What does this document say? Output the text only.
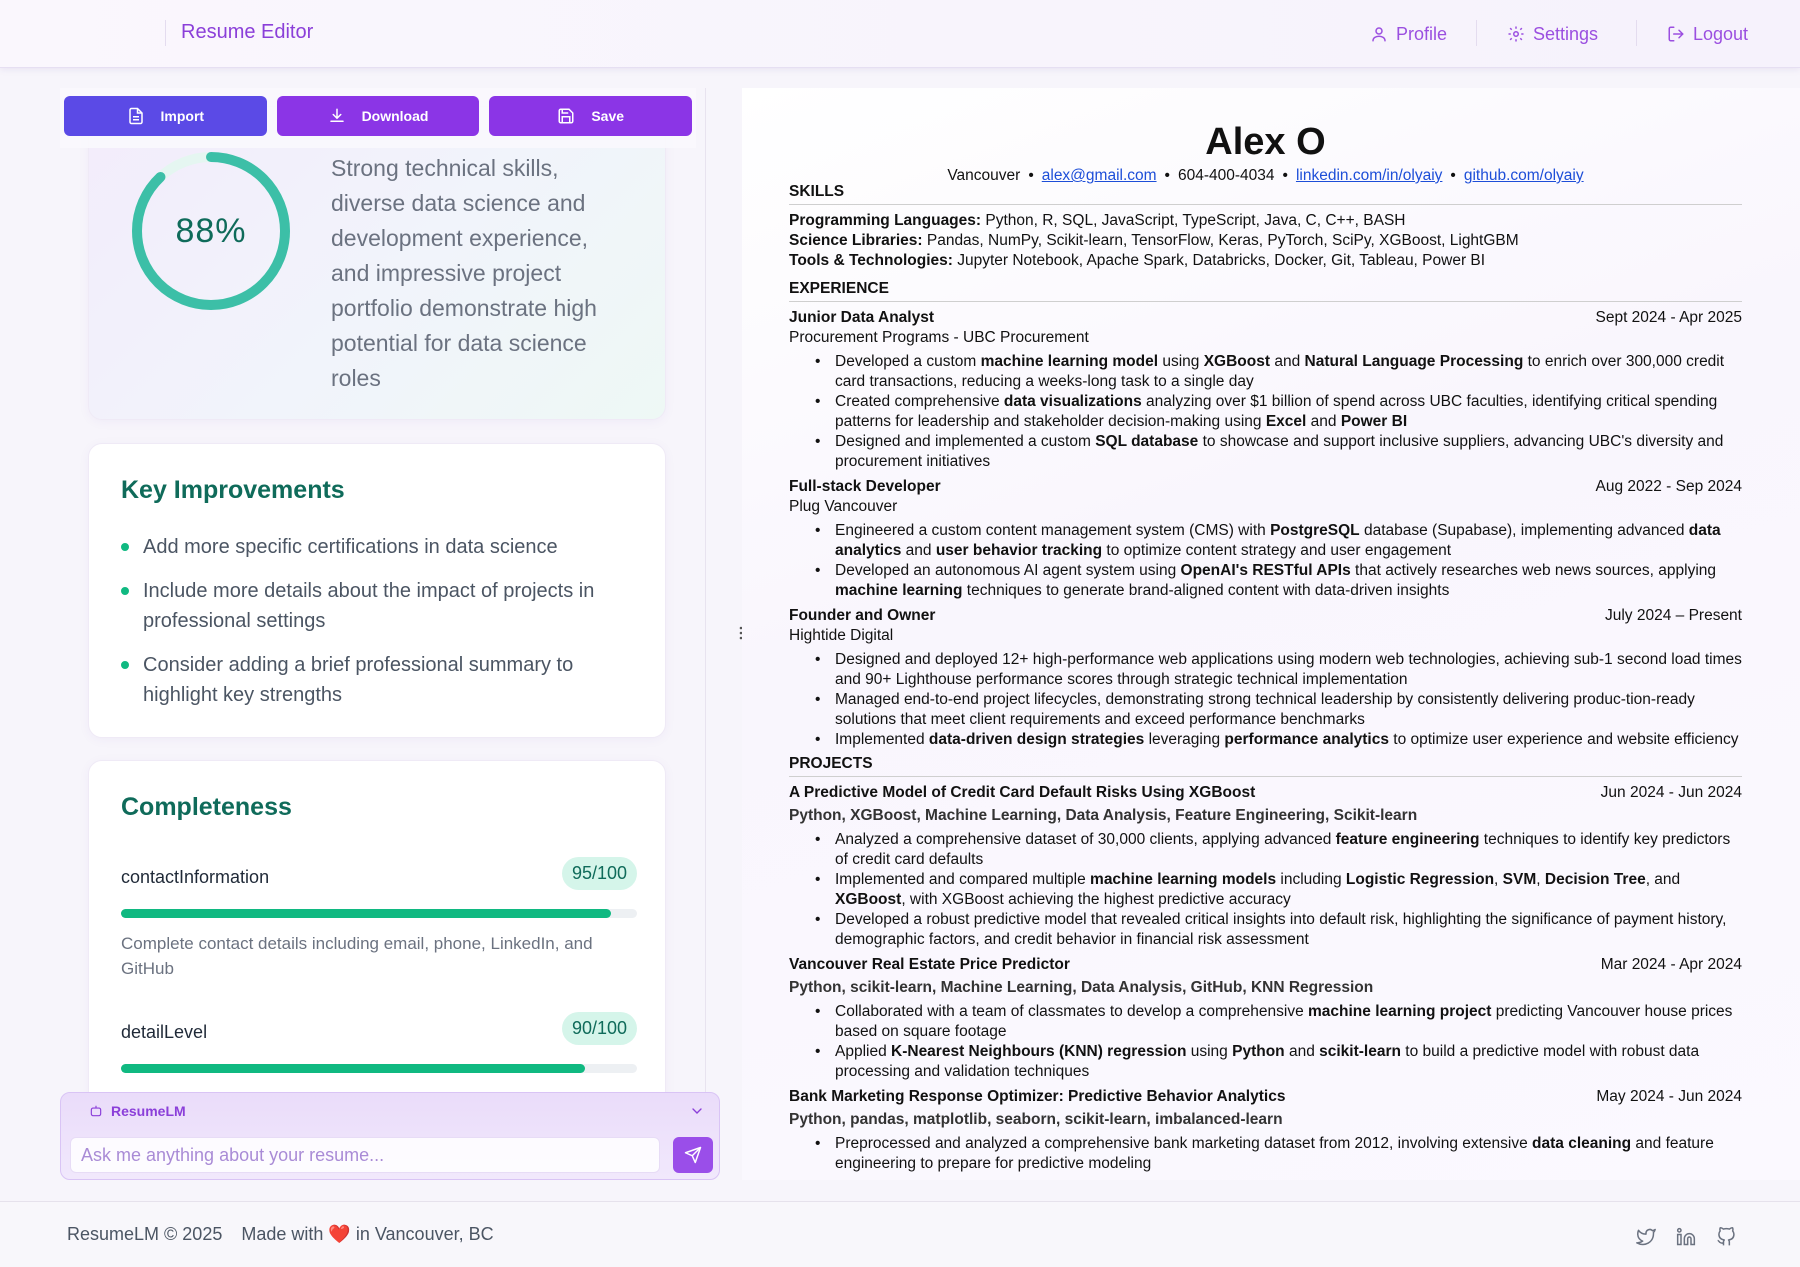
Resume Editor	Profile	Settings	Logout
Import	Download	Save
88%
Strong technical skills, diverse data science and development experience, and impressive project portfolio demonstrate high potential for data science roles
Key Improvements
Add more specific certifications in data science
Include more details about the impact of projects in professional settings
Consider adding a brief professional summary to highlight key strengths
Completeness
contactInformation	95/100
Complete contact details including email, phone, LinkedIn, and GitHub
detailLevel	90/100
ResumeLM
Ask me anything about your resume...
Alex O
Vancouver • alex@gmail.com • 604-400-4034 • linkedin.com/in/olyaiy • github.com/olyaiy
SKILLS
Programming Languages: Python, R, SQL, JavaScript, TypeScript, Java, C, C++, BASH
Science Libraries: Pandas, NumPy, Scikit-learn, TensorFlow, Keras, PyTorch, SciPy, XGBoost, LightGBM
Tools & Technologies: Jupyter Notebook, Apache Spark, Databricks, Docker, Git, Tableau, Power BI
EXPERIENCE
Junior Data Analyst	Sept 2024 - Apr 2025
Procurement Programs - UBC Procurement
• Developed a custom machine learning model using XGBoost and Natural Language Processing to enrich over 300,000 credit card transactions, reducing a weeks-long task to a single day
• Created comprehensive data visualizations analyzing over $1 billion of spend across UBC faculties, identifying critical spending patterns for leadership and stakeholder decision-making using Excel and Power BI
• Designed and implemented a custom SQL database to showcase and support inclusive suppliers, advancing UBC's diversity and procurement initiatives
Full-stack Developer	Aug 2022 - Sep 2024
Plug Vancouver
• Engineered a custom content management system (CMS) with PostgreSQL database (Supabase), implementing advanced data analytics and user behavior tracking to optimize content strategy and user engagement
• Developed an autonomous AI agent system using OpenAI's RESTful APIs that actively researches web news sources, applying machine learning techniques to generate brand-aligned content with data-driven insights
Founder and Owner	July 2024 – Present
Hightide Digital
• Designed and deployed 12+ high-performance web applications using modern web technologies, achieving sub-1 second load times and 90+ Lighthouse performance scores through strategic technical implementation
• Managed end-to-end project lifecycles, demonstrating strong technical leadership by consistently delivering produc-tion-ready solutions that meet client requirements and exceed performance benchmarks
• Implemented data-driven design strategies leveraging performance analytics to optimize user experience and website efficiency
PROJECTS
A Predictive Model of Credit Card Default Risks Using XGBoost	Jun 2024 - Jun 2024
Python, XGBoost, Machine Learning, Data Analysis, Feature Engineering, Scikit-learn
• Analyzed a comprehensive dataset of 30,000 clients, applying advanced feature engineering techniques to identify key predictors of credit card defaults
• Implemented and compared multiple machine learning models including Logistic Regression, SVM, Decision Tree, and XGBoost, with XGBoost achieving the highest predictive accuracy
• Developed a robust predictive model that revealed critical insights into default risk, highlighting the significance of payment history, demographic factors, and credit behavior in financial risk assessment
Vancouver Real Estate Price Predictor	Mar 2024 - Apr 2024
Python, scikit-learn, Machine Learning, Data Analysis, GitHub, KNN Regression
• Collaborated with a team of classmates to develop a comprehensive machine learning project predicting Vancouver house prices based on square footage
• Applied K-Nearest Neighbours (KNN) regression using Python and scikit-learn to build a predictive model with robust data processing and validation techniques
Bank Marketing Response Optimizer: Predictive Behavior Analytics	May 2024 - Jun 2024
Python, pandas, matplotlib, seaborn, scikit-learn, imbalanced-learn
• Preprocessed and analyzed a comprehensive bank marketing dataset from 2012, involving extensive data cleaning and feature engineering to prepare for predictive modeling
ResumeLM © 2025 Made with ❤️ in Vancouver, BC
